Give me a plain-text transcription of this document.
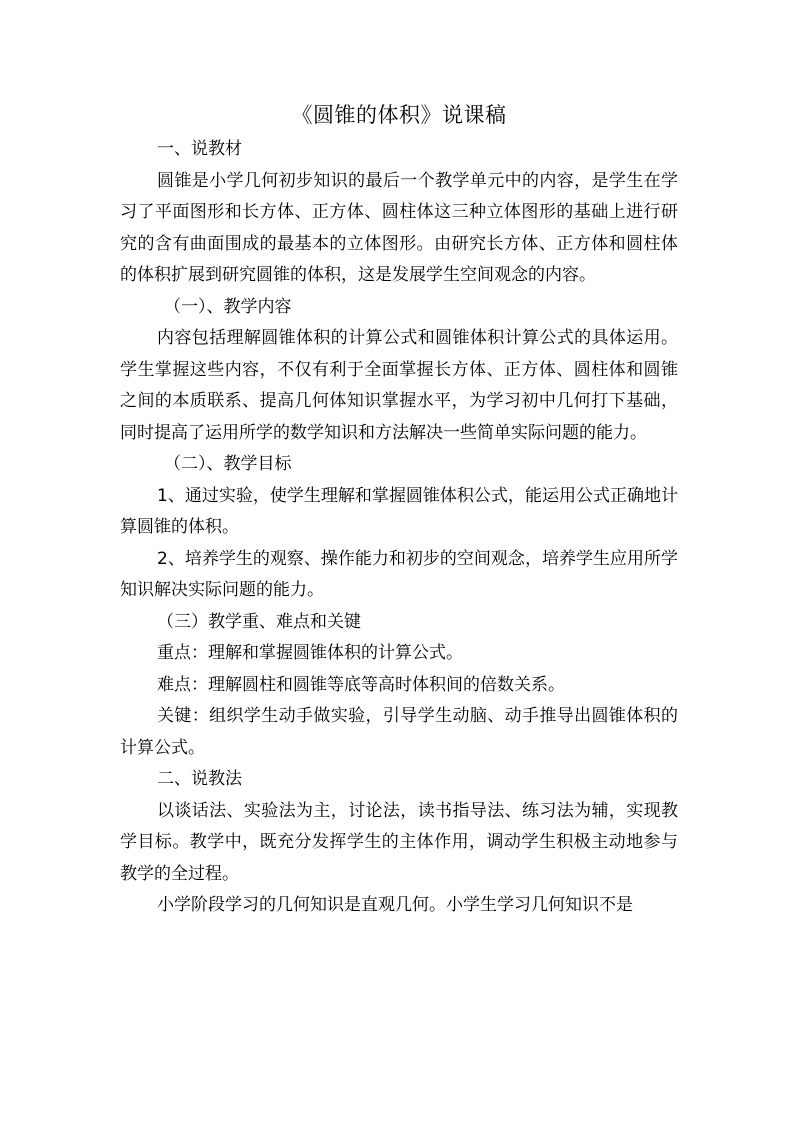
《圆锥的体积》说课稿

一、说教材

圆锥是小学几何初步知识的最后一个教学单元中的内容，是学生在学习了平面图形和长方体、正方体、圆柱体这三种立体图形的基础上进行研究的含有曲面围成的最基本的立体图形。由研究长方体、正方体和圆柱体的体积扩展到研究圆锥的体积，这是发展学生空间观念的内容。

（一）、教学内容

内容包括理解圆锥体积的计算公式和圆锥体积计算公式的具体运用。学生掌握这些内容，不仅有利于全面掌握长方体、正方体、圆柱体和圆锥之间的本质联系、提高几何体知识掌握水平，为学习初中几何打下基础，同时提高了运用所学的数学知识和方法解决一些简单实际问题的能力。

（二）、教学目标

1、通过实验，使学生理解和掌握圆锥体积公式，能运用公式正确地计算圆锥的体积。

2、培养学生的观察、操作能力和初步的空间观念，培养学生应用所学知识解决实际问题的能力。

（三）教学重、难点和关键

重点：理解和掌握圆锥体积的计算公式。

难点：理解圆柱和圆锥等底等高时体积间的倍数关系。

关键：组织学生动手做实验，引导学生动脑、动手推导出圆锥体积的计算公式。

二、说教法

以谈话法、实验法为主，讨论法，读书指导法、练习法为辅，实现教学目标。教学中，既充分发挥学生的主体作用，调动学生积极主动地参与教学的全过程。

小学阶段学习的几何知识是直观几何。小学生学习几何知识不是
